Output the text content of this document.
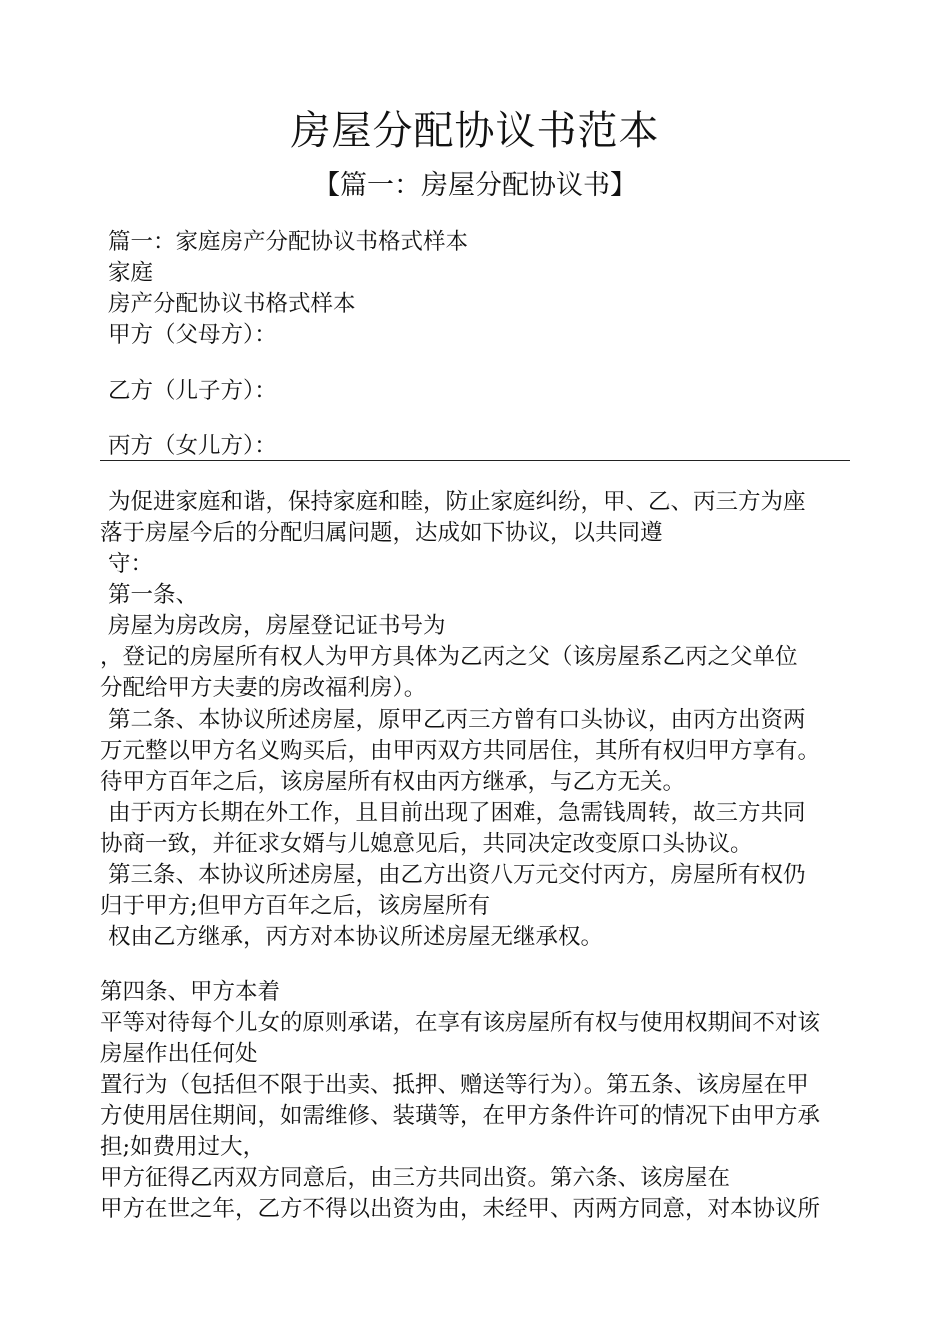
房屋分配协议书范本
【篇一：房屋分配协议书】
篇一：家庭房产分配协议书格式样本
家庭
房产分配协议书格式样本
甲方（父母方）：
乙方（儿子方）：
丙方（女儿方）：
为促进家庭和谐，保持家庭和睦，防止家庭纠纷，甲、乙、丙三方为座
落于房屋今后的分配归属问题，达成如下协议，以共同遵
守：
第一条、
房屋为房改房，房屋登记证书号为
，登记的房屋所有权人为甲方具体为乙丙之父（该房屋系乙丙之父单位
分配给甲方夫妻的房改福利房）。
第二条、本协议所述房屋，原甲乙丙三方曾有口头协议，由丙方出资两
万元整以甲方名义购买后，由甲丙双方共同居住，其所有权归甲方享有。
待甲方百年之后，该房屋所有权由丙方继承，与乙方无关。
由于丙方长期在外工作，且目前出现了困难，急需钱周转，故三方共同
协商一致，并征求女婿与儿媳意见后，共同决定改变原口头协议。
第三条、本协议所述房屋，由乙方出资八万元交付丙方，房屋所有权仍
归于甲方;但甲方百年之后，该房屋所有
权由乙方继承，丙方对本协议所述房屋无继承权。
第四条、甲方本着
平等对待每个儿女的原则承诺，在享有该房屋所有权与使用权期间不对该
房屋作出任何处
置行为（包括但不限于出卖、抵押、赠送等行为）。第五条、该房屋在甲
方使用居住期间，如需维修、装璜等，在甲方条件许可的情况下由甲方承
担;如费用过大，
甲方征得乙丙双方同意后，由三方共同出资。第六条、该房屋在
甲方在世之年，乙方不得以出资为由，未经甲、丙两方同意，对本协议所
